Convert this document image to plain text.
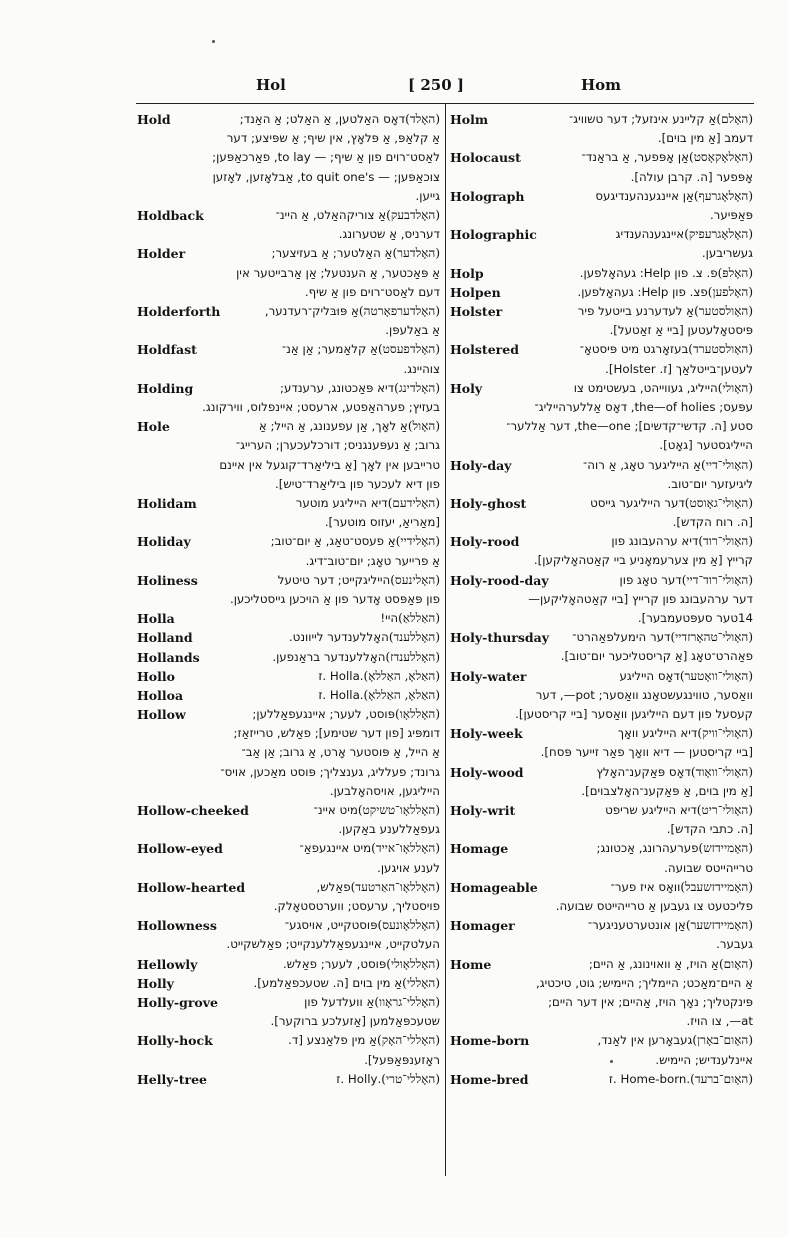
Hol	[ 250 ]	Hom
Hold	(האָלד)
דאָס האַלטען, אַ האַלט; אַ האַנד;
אַ קלאַפּ, אַ פּלאָץ, אין שיף; אַ שפּיצע; דער
לאַסט־רוים פון אַ שיף; — to lay, פאַרכאַפּען;
צוכאַפּען; — to quit one's, אַבלאָזען, לאָזען
גייען.
Holdback	(האָלדבעק)
אַ צוריקהאַלט, אַ היינ־
דערניס, אַ שטערונג.
Holder	(האָלדער)
אַ האַלטער; אַ בעזיצער;
אַ פּאַכטער, אַ הענטעל; אַן אַרבייטער אין
דעם לאַסט־רוים פון אַ שיף.
Holderforth	(האָלדערפאָרטה)
אַ פּוּבּליק־רעדנער,
אַ באַלעפּן.
Holdfast	(האָלדפעסט)
אַ קלאַמער; אַן אַנ־
צוהיינג.
Holding	(האָלדינג)
דיא פּאַכטונג, ערענדע;
בעזיץ; פערהאַפטע, ארעסט; איינפלוס, ווירקונג.
Hole	(האָול)
אַ לאָך, אַן עפענונג, אַ הייל; אַ
גרוב; אַ נעפּענגניס; דורכלעכערן; הערייג־
טרייבען אין לאָך [אַ ביליאַרד־קוגעל אין איינם
פון דיא לעכער פון ביליאַרד־טיש].
Holidam	(האָלידעם)
דיא הייליגע מוטער
[מאַריאַ, יעזוס מוטער].
Holiday	(האָלידיי)
אַ פעסט־טאַג, אַ יום־טוב;
אַ פרייער טאָג; יום־טוב־דיג.
Holiness	(האָלינעס)
הייליגקייט; דער טיטעל
פון פּאַפּסט אָדער פון אַ הויכען גייסטליכען.
Holla	(האַללאַ)
היי!
Holland	(האָללענד)
האָללענדער לייוונט.
Hollands	(האָללענדז)
האָללענדער בראַנפען.
Hollo	(האַלאָ, האַללאָ)
.Holla .ז
Holloa	(האַלאָ, האַללאָ)
.Holla .ז
Hollow	(האָללאָו)
פּוסט, לעער; איינגעפאַללען;
דומפּיג [פון דער שטימע]; פאַלש, טרייזאַז;
אַ הייל, אַ פּוסטער אָרט, אַ גרוב; אַן אַב־
גרונד; פעלליג, גענצליך; פּוסט מאַכען, אויס־
הייליגען, אויסהאָלבען.
Hollow-cheeked	(האָללאָו־טשיקט)
מיט איינ־
געפאַללענע באַקען.
Hollow-eyed	(האָללאָו־אייד)
מיט איינגעפאַ־
לענע אויגען.
Hollow-hearted	(האָללאָו־האַרטעד)
פאַלש,
פויסטליך, ערעסט; ווערטסטאָלק.
Hollowness	(האָללאָונעס)
פּוסטקייט, אויסגע־
העלטקייט, איינגעפאַללענקייט; פאַלשקייט.
Hellowly	(האָללאָולי)
פּוסט, לעער; פאַלש.
Holly	(האָללי)
אַ מין בוים [ה. שטעכפאַלמע].
Holly-grove	(האָללי־גראָוו)
אַ וועלדעל פון
שטעכפּאַלמען [אַזעלכע ברוקער].
Holly-hock	(האָללי־האָק)
אַ מין פלאַנצע [ד.
ראָזענפּאַפּעל].
Helly-tree	(האָללי־טרי)
.Holly .ז
Holm	(האָלם)
אַ קליינע אינזעל; דער טשוויג־
דעמב [אַ מין בוים].
Holocaust	(האָלאָקאָסט)
אַן אָפּפער, אַ בראַנד־
אָפּפער [ה. קרבן עולה].
Holograph	(האָלאָגרעף)
אַן איינגענהענדיגעס
פּאַפּיער.
Holographic	(האָלאָגרעפיק)
איינגענהענדיג
געשריבען.
Holp	(האָלפּ)
פ. צ. פון Help: געהאָלפען.
Holpen	(האָלפען)
פצ. פון Help: געהאָלפען.
Holster	(האָולסטער)
אַ לעדערנע בייטעל פיר
פּיסטאָלעטען [ביי אַ זאַטעל].
Holstered	(האָולסטערד)
בעזאָרגט מיט פּיסטאָ־
לעטען־בייטלאַך [ז. Holster].
Holy	(האָולי)
הייליג, געווייהט, בעשטימט צו
עפּעס; the—of holies, דאָס אַללערהייליג־
סטע [ה. קדשי־קדשים]; the—one, דער אַללער־
הייליגסטער [גאָט].
Holy-day	(האָולי־דיי)
אַ הייליגער טאָג, אַ רוה־
ליגיעזער יום־טוב.
Holy-ghost	(האָולי־גאָוסט)
דער הייליגער גייסט
[ה. רוח הקדש].
Holy-rood	(האָולי־רוד)
דיא ערהעבונג פון
קרייץ [אַ מין צערעמאָניע ביי קאַטהאָליקען].
Holy-rood-day	(האָולי־רוד־דיי)
דער טאָג פון
דער ערהעבונג פון קרייץ [ביי קאַטהאָליקען—
14טער סעפּטעמבער].
Holy-thursday	(האָולי־טהאָרזדיי)
דער הימעלפאַהרט־
פאַהרט־טאָג [אַ קריסטליכער יום־טוב].
Holy-water	(האָולי־וואָטער)
דאָס הייליגע
וואַסער, טווינגעשטאָנג וואַסער; pot—, דער
קעסעל פון דעם הייליגען וואַסער [ביי קריסטען].
Holy-week	(האָולי־וויק)
דיא הייליגע וואָך
[ביי קריסטען — דיא וואָך פאַר זייער פּסח].
Holy-wood	(האָולי־וואָוד)
דאָס פּאַקענ־האָלץ
[אַ מין בוים, אַ פּאַקענ־האָלצבוים].
Holy-writ	(האָולי־ריט)
דיא הייליגע שריפט
[ה. כתבי הקדש].
Homage	(האָמיידזש)
פערעהרונג, אַכטונג;
טרייהייטס שבועה.
Homageable	(האָמיידזשעבל)
וואָס איז פער־
פליכטעט צו געבען אַ טרייהייטס שבועה.
Homager	(האָמיידזשער)
אַן אונטערטעניגער־
געבער.
Home	(האָום)
אַ הויז, אַ וואוינונג, אַ היים;
אַ היים־מאַכט; היימליך; היימיש; גוט, טיכטיג,
פּינקטליך; נאָך הויז, אַהיים; אין דער היים;
at—, צו הויז.
Home-born	(האָום־באָרן)
געבאָרען אין לאַנד,
איינלענדיש; היימיש.
Home-bred	(האָום־ברעד)
.Home-born .ז
